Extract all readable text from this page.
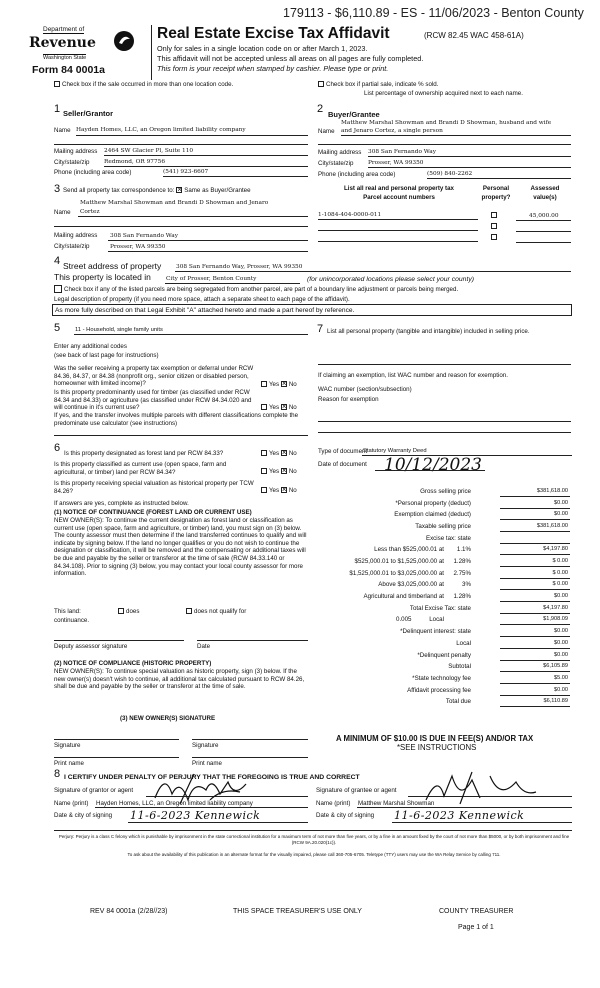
179113 - $6,110.89 - ES - 11/06/2023 - Benton County
Department of
Revenue
Washington State
Form 84 0001a
Real Estate Excise Tax Affidavit	(RCW 82.45 WAC 458-61A)
Only for sales in a single location code on or after March 1, 2023.
This affidavit will not be accepted unless all areas on all pages are fully completed.
This form is your receipt when stamped by cashier. Please type or print.
Check box if the sale occurred in more than one location code.	Check box if partial sale, indicate % sold.
List percentage of ownership acquired next to each name.
1 Seller/Grantor
Name Hayden Homes, LLC, an Oregon limited liability company
Mailing address 2464 SW Glacier Pl, Suite 110
City/state/zip	Redmond, OR 97756
Phone (including area code)	(541) 923-6607
2 Buyer/Grantee
Matthew Marshal Showman and Brandi D Showman, husband and wife
Name and Jenaro Cortez, a single person
Mailing address 308 San Fernando Way
City/state/zip	Prosser, WA 99350
Phone (including area code)	(509) 840-2262
3 Send all property tax correspondence to: × Same as Buyer/Grantee
Matthew Marshal Showman and Brandi D Showman and Jenaro
Name Cortez
Mailing address 308 San Fernando Way
City/state/zip	Prosser, WA 99350
List all real and personal property tax
Parcel account numbers
Personal
property?
Assessed
value(s)
1-1084-404-0000-011	45,000.00
4 Street address of property	308 San Fernando Way, Prosser, WA 99350
This property is located in	City of Prosser, Benton County	(for unincorporated locations please select your county)
Check box if any of the listed parcels are being segregated from another parcel, are part of a boundary line adjustment or parcels being merged.
Legal description of property (if you need more space, attach a separate sheet to each page of the affidavit).
As more fully described on that Legal Exhibit "A" attached hereto and made a part hereof by reference.
5	11 - Household, single family units
Enter any additional codes
(see back of last page for instructions)
Was the seller receiving a property tax exemption or deferral under RCW 84.36, 84.37, or 84.38 (nonprofit org., senior citizen or disabled person, homeowner with limited income)?	Yes × No
Is this property predominantly used for timber (as classified under RCW 84.34 and 84.33) or agriculture (as classified under RCW 84.34.020 and will continue in it's current use?	Yes × No
If yes, and the transfer involves multiple parcels with different classifications complete the predominate use calculator (see instructions)
6 Is this property designated as forest land per RCW 84.33?	Yes × No
Is this property classified as current use (open space, farm and agricultural, or timber) land per RCW 84.34?	Yes × No
Is this property receiving special valuation as historical property per TCW 84.26?	Yes × No
If answers are yes, complete as instructed below.
(1) NOTICE OF CONTINUANCE (FOREST LAND OR CURRENT USE)
NEW OWNER(S): To continue the current designation as forest land or classification as current use (open space, farm and agriculture, or timber) land, you must sign on (3) below. The county assessor must then determine if the land transferred continues to qualify and will indicate by signing below. If the land no longer qualifies or you do not wish to continue the designation or classification, it will be removed and the compensating or additional taxes will be due and payable by the seller or transferor at the time of sale (RCW 84.33.140 or 84.34.108). Prior to signing (3) below, you may contact your local county assessor for more information.
This land:	does	does not qualify for
continuance.
Deputy assessor signature	Date
(2) NOTICE OF COMPLIANCE (HISTORIC PROPERTY)
NEW OWNER(S): To continue special valuation as historic property, sign (3) below. If the new owner(s) doesn't wish to continue, all additional tax calculated pursuant to RCW 84.26, shall be due and payable by the seller or transferor at the time of sale.
(3) NEW OWNER(S) SIGNATURE
Signature	Signature
Print name	Print name
7 List all personal property (tangible and intangible) included in selling price.
If claiming an exemption, list WAC number and reason for exemption.
WAC number (section/subsection)
Reason for exemption
Type of document
Statutory Warranty Deed
Date of document 10/12/2023
Gross selling price	$381,618.00
*Personal property (deduct)	$0.00
Exemption claimed (deduct)	$0.00
Taxable selling price	$381,618.00
Excise tax: state
Less than $525,000.01 at	1.1%	$4,197.80
$525,000.01 to $1,525,000.00 at	1.28%	$ 0.00
$1,525,000.01 to $3,025,000.00 at	2.75%	$ 0.00
Above $3,025,000.00 at	3%	$ 0.00
Agricultural and timberland at	1.28%	$0.00
Total Excise Tax: state	$4,197.80
Local
0.005	$1,908.09
*Delinquent interest: state	$0.00
Local	$0.00
*Delinquent penalty	$0.00
Subtotal	$6,105.89
*State technology fee	$5.00
Affidavit processing fee	$0.00
Total due	$6,110.89
A MINIMUM OF $10.00 IS DUE IN FEE(S) AND/OR TAX
*SEE INSTRUCTIONS
8 I CERTIFY UNDER PENALTY OF PERJURY THAT THE FOREGOING IS TRUE AND CORRECT
Signature of grantor or agent	Signature of grantee or agent
Name (print) Hayden Homes, LLC, an Oregon limited liability company	Name (print) Matthew Marshal Showman
Date & city of signing 11-6-2023 Kennewick	Date & city of signing 11-6-2023 Kennewick
Perjury: Perjury is a class C felony which is punishable by imprisonment in the state correctional institution for a maximum term of not more than five years, or by a fine in an amount fixed by the court of not more than $5000, or by both imprisonment and fine (RCW 9A.20.020(1c)).
To ask about the availability of this publication in an alternate format for the visually impaired, please call 360-705-6705. Teletype (TTY) users may use the WA Relay Service by calling 711.
REV 84 0001a (2/28//23)	THIS SPACE TREASURER'S USE ONLY	COUNTY TREASURER
Page 1 of 1
